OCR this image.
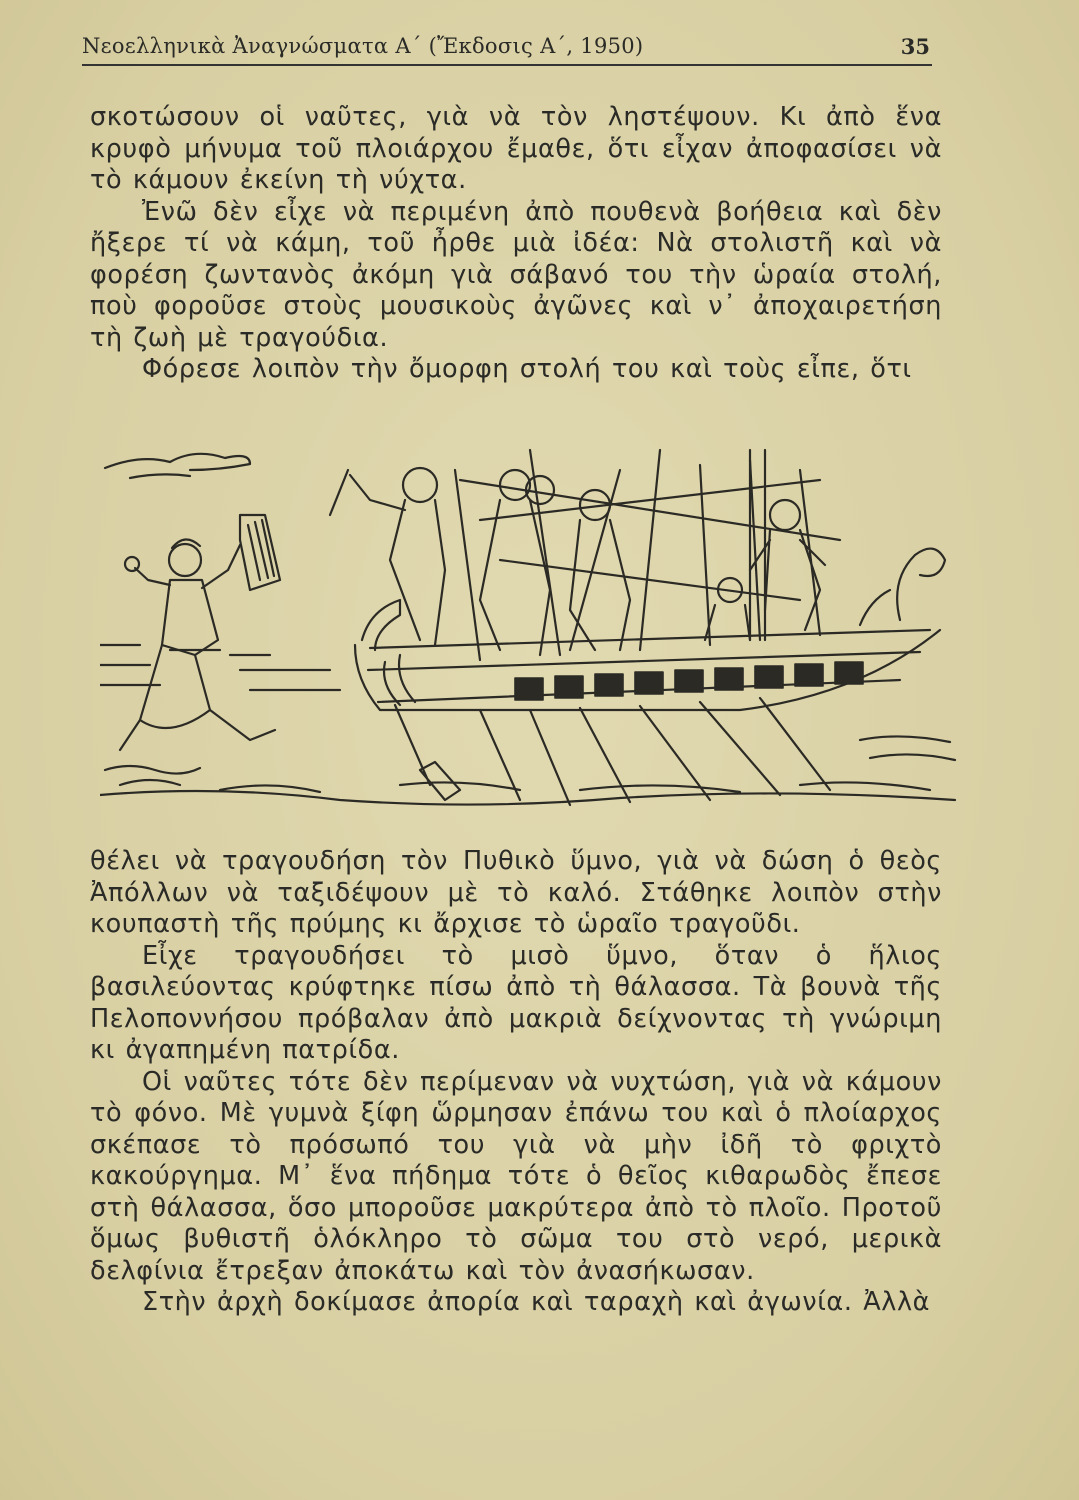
Νεοελληνικὰ Ἀναγνώσματα Α΄ (Ἔκδοσις Α΄, 1950)	35

σκοτώσουν οἱ ναῦτες, γιὰ νὰ τὸν ληστέψουν. Κι ἀπὸ ἕνα κρυφὸ μήνυμα τοῦ πλοιάρχου ἔμαθε, ὅτι εἶχαν ἀποφασίσει νὰ τὸ κάμουν ἐκείνη τὴ νύχτα.

Ἐνῶ δὲν εἶχε νὰ περιμένη ἀπὸ πουθενὰ βοήθεια καὶ δὲν ἤξερε τί νὰ κάμη, τοῦ ἦρθε μιὰ ἰδέα: Νὰ στολιστῆ καὶ νὰ φορέση ζωντανὸς ἀκόμη γιὰ σάβανό του τὴν ὡραία στολή, ποὺ φοροῦσε στοὺς μουσικοὺς ἀγῶνες καὶ ν᾿ ἀποχαιρετήση τὴ ζωὴ μὲ τραγούδια.

Φόρεσε λοιπὸν τὴν ὄμορφη στολή του καὶ τοὺς εἶπε, ὅτι

θέλει νὰ τραγουδήση τὸν Πυθικὸ ὕμνο, γιὰ νὰ δώση ὁ θεὸς Ἀπόλλων νὰ ταξιδέψουν μὲ τὸ καλό. Στάθηκε λοιπὸν στὴν κουπαστὴ τῆς πρύμης κι ἄρχισε τὸ ὡραῖο τραγοῦδι.

Εἶχε τραγουδήσει τὸ μισὸ ὕμνο, ὅταν ὁ ἥλιος βασιλεύοντας κρύφτηκε πίσω ἀπὸ τὴ θάλασσα. Τὰ βουνὰ τῆς Πελοποννήσου πρόβαλαν ἀπὸ μακριὰ δείχνοντας τὴ γνώριμη κι ἀγαπημένη πατρίδα.

Οἱ ναῦτες τότε δὲν περίμεναν νὰ νυχτώση, γιὰ νὰ κάμουν τὸ φόνο. Μὲ γυμνὰ ξίφη ὥρμησαν ἐπάνω του καὶ ὁ πλοίαρχος σκέπασε τὸ πρόσωπό του γιὰ νὰ μὴν ἰδῆ τὸ φριχτὸ κακούργημα. Μ᾿ ἕνα πήδημα τότε ὁ θεῖος κιθαρωδὸς ἔπεσε στὴ θάλασσα, ὅσο μποροῦσε μακρύτερα ἀπὸ τὸ πλοῖο. Προτοῦ ὅμως βυθιστῆ ὁλόκληρο τὸ σῶμα του στὸ νερό, μερικὰ δελφίνια ἔτρεξαν ἀποκάτω καὶ τὸν ἀνασήκωσαν.

Στὴν ἀρχὴ δοκίμασε ἀπορία καὶ ταραχὴ καὶ ἀγωνία. Ἀλλὰ
